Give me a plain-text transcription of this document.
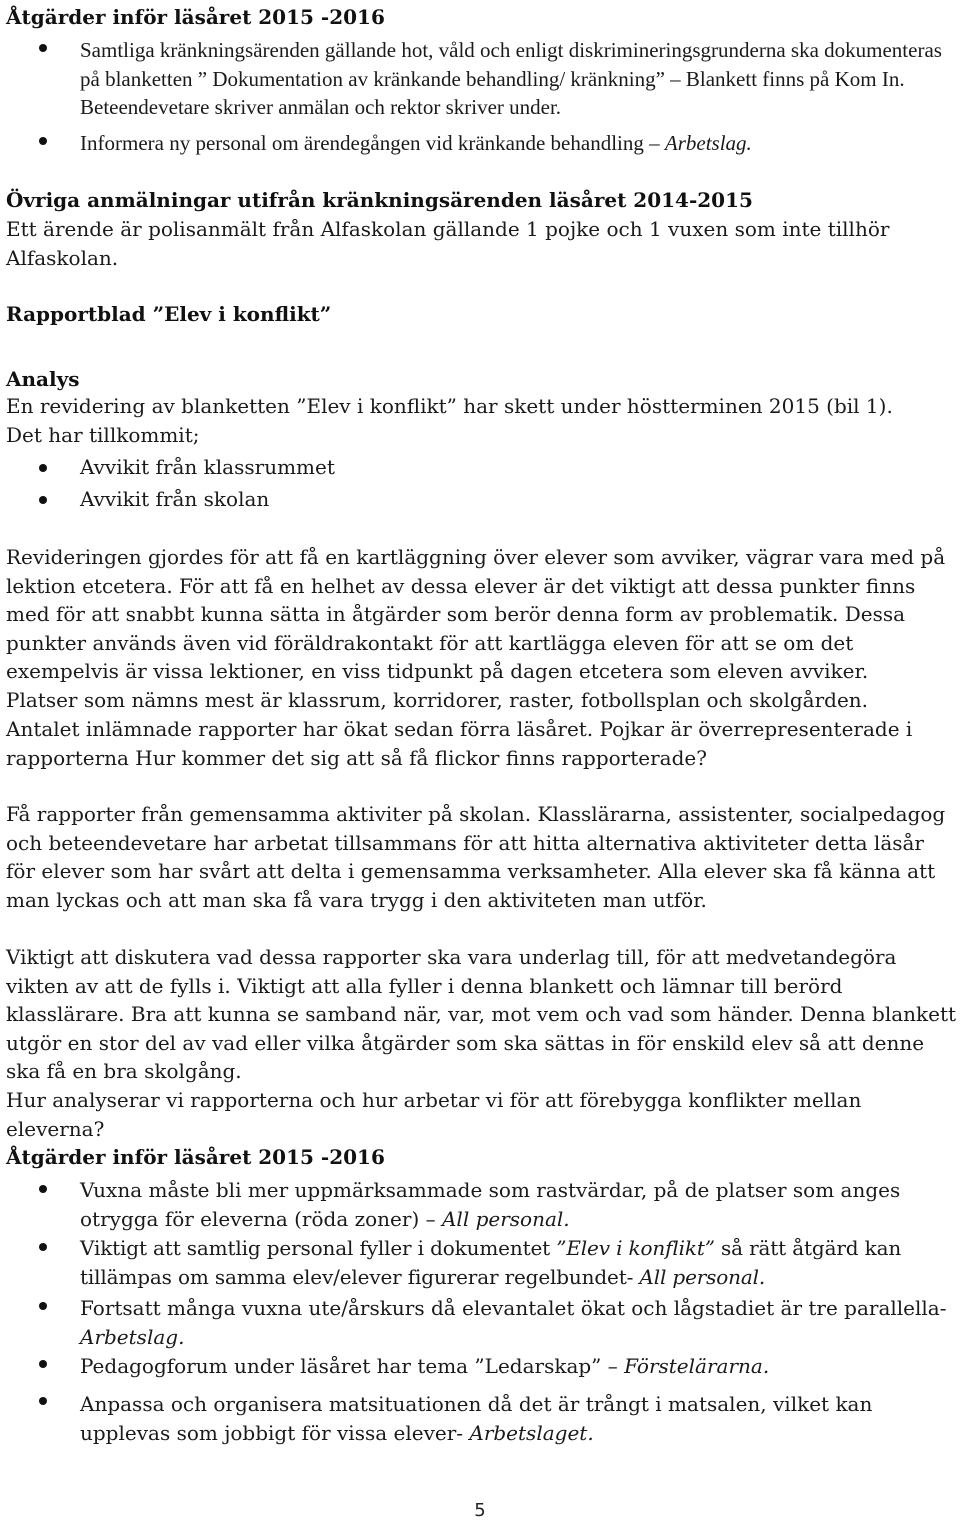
Åtgärder inför läsåret 2015 -2016

Samtliga kränkningsärenden gällande hot, våld och enligt diskrimineringsgrunderna ska dokumenteras på blanketten ” Dokumentation av kränkande behandling/ kränkning” – Blankett finns på Kom In. Beteendevetare skriver anmälan och rektor skriver under.

Informera ny personal om ärendegången vid kränkande behandling – Arbetslag.

Övriga anmälningar utifrån kränkningsärenden läsåret 2014-2015

Ett ärende är polisanmält från Alfaskolan gällande 1 pojke och 1 vuxen som inte tillhör Alfaskolan.

Rapportblad ”Elev i konflikt”
Analys

En revidering av blanketten ”Elev i konflikt” har skett under höstterminen 2015 (bil 1).

Det har tillkommit;

Avvikit från klassrummet

Avvikit från skolan

Revideringen gjordes för att få en kartläggning över elever som avviker, vägrar vara med på lektion etcetera. För att få en helhet av dessa elever är det viktigt att dessa punkter finns med för att snabbt kunna sätta in åtgärder som berör denna form av problematik. Dessa punkter används även vid föräldrakontakt för att kartlägga eleven för att se om det exempelvis är vissa lektioner, en viss tidpunkt på dagen etcetera som eleven avviker.

Platser som nämns mest är klassrum, korridorer, raster, fotbollsplan och skolgården.

Antalet inlämnade rapporter har ökat sedan förra läsåret. Pojkar är överrepresenterade i rapporterna Hur kommer det sig att så få flickor finns rapporterade?

Få rapporter från gemensamma aktiviter på skolan. Klasslärarna, assistenter, socialpedagog och beteendevetare har arbetat tillsammans för att hitta alternativa aktiviteter detta läsår för elever som har svårt att delta i gemensamma verksamheter. Alla elever ska få känna att man lyckas och att man ska få vara trygg i den aktiviteten man utför.

Viktigt att diskutera vad dessa rapporter ska vara underlag till, för att medvetandegöra vikten av att de fylls i. Viktigt att alla fyller i denna blankett och lämnar till berörd klasslärare. Bra att kunna se samband när, var, mot vem och vad som händer. Denna blankett utgör en stor del av vad eller vilka åtgärder som ska sättas in för enskild elev så att denne ska få en bra skolgång.

Hur analyserar vi rapporterna och hur arbetar vi för att förebygga konflikter mellan eleverna?

Åtgärder inför läsåret 2015 -2016

Vuxna måste bli mer uppmärksammade som rastvärdar, på de platser som anges otrygga för eleverna (röda zoner) – All personal.

Viktigt att samtlig personal fyller i dokumentet ”Elev i konflikt” så rätt åtgärd kan tillämpas om samma elev/elever figurerar regelbundet- All personal.

Fortsatt många vuxna ute/årskurs då elevantalet ökat och lågstadiet är tre parallella- Arbetslag.

Pedagogforum under läsåret har tema ”Ledarskap” – Förstelärarna.

Anpassa och organisera matsituationen då det är trångt i matsalen, vilket kan upplevas som jobbigt för vissa elever- Arbetslaget.

5
